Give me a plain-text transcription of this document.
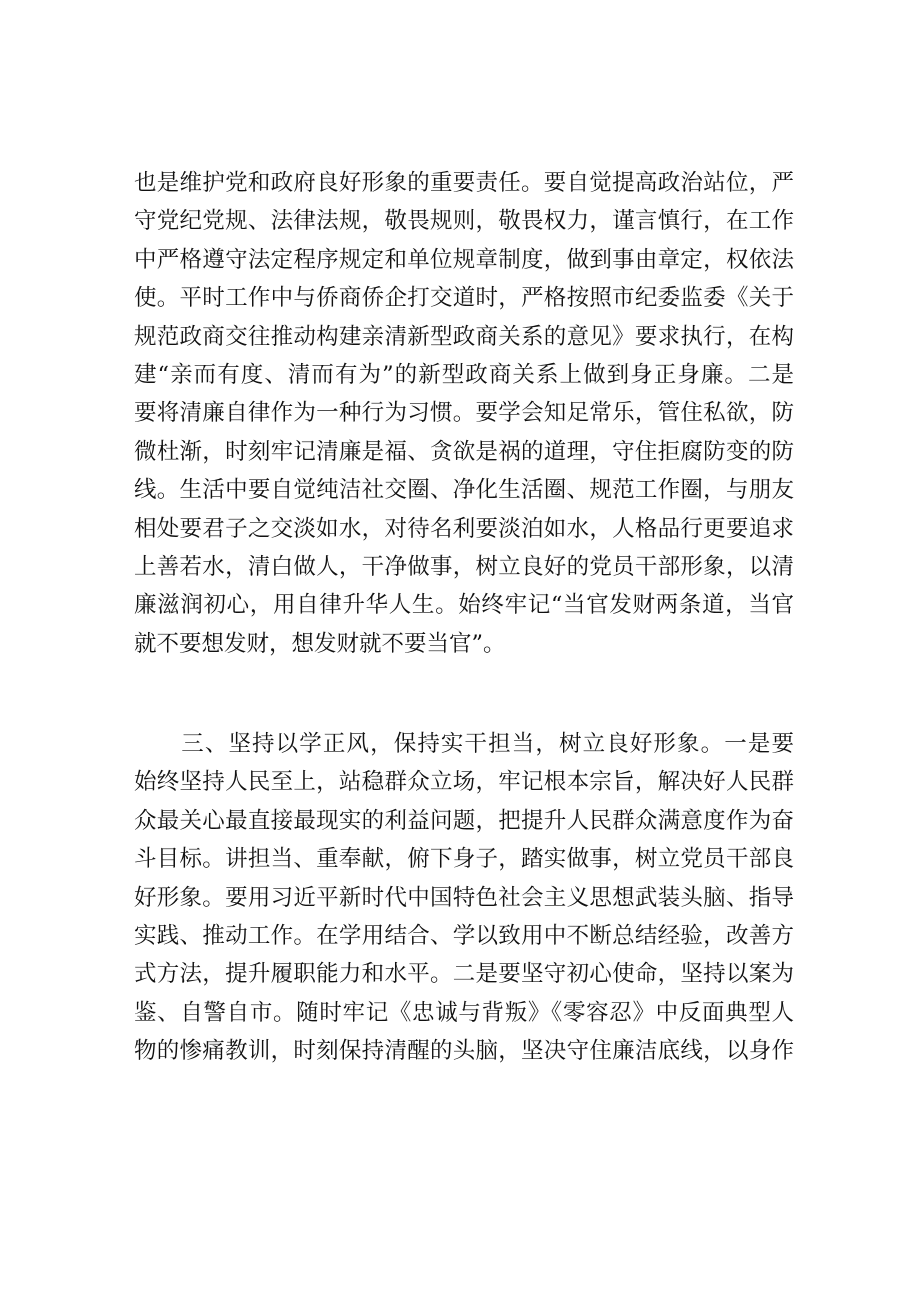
也是维护党和政府良好形象的重要责任。要自觉提高政治站位，严
守党纪党规、法律法规，敬畏规则，敬畏权力，谨言慎行，在工作
中严格遵守法定程序规定和单位规章制度，做到事由章定，权依法
使。平时工作中与侨商侨企打交道时，严格按照市纪委监委《关于
规范政商交往推动构建亲清新型政商关系的意见》要求执行，在构
建“亲而有度、清而有为”的新型政商关系上做到身正身廉。二是
要将清廉自律作为一种行为习惯。要学会知足常乐，管住私欲，防
微杜渐，时刻牢记清廉是福、贪欲是祸的道理，守住拒腐防变的防
线。生活中要自觉纯洁社交圈、净化生活圈、规范工作圈，与朋友
相处要君子之交淡如水，对待名利要淡泊如水，人格品行更要追求
上善若水，清白做人，干净做事，树立良好的党员干部形象，以清
廉滋润初心，用自律升华人生。始终牢记“当官发财两条道，当官
就不要想发财，想发财就不要当官”。
　　三、坚持以学正风，保持实干担当，树立良好形象。一是要
始终坚持人民至上，站稳群众立场，牢记根本宗旨，解决好人民群
众最关心最直接最现实的利益问题，把提升人民群众满意度作为奋
斗目标。讲担当、重奉献，俯下身子，踏实做事，树立党员干部良
好形象。要用习近平新时代中国特色社会主义思想武装头脑、指导
实践、推动工作。在学用结合、学以致用中不断总结经验，改善方
式方法，提升履职能力和水平。二是要坚守初心使命，坚持以案为
鉴、自警自市。随时牢记《忠诚与背叛》《零容忍》中反面典型人
物的惨痛教训，时刻保持清醒的头脑，坚决守住廉洁底线，以身作
